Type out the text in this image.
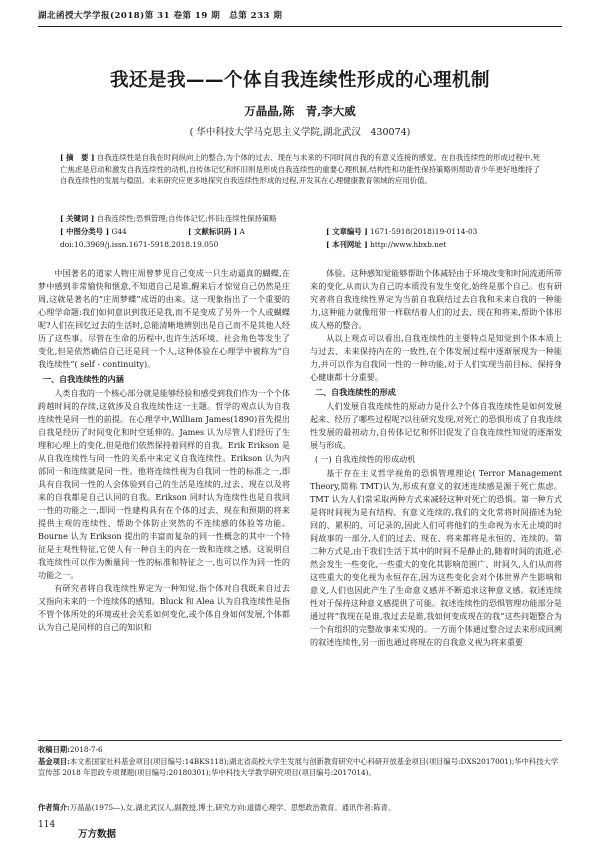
湖北函授大学学报(2018)第 31 卷第 19 期　总第 233 期
我还是我——个体自我连续性形成的心理机制
万晶晶,陈　青,李大威
( 华中科技大学马克思主义学院,湖北武汉　430074)
[ 摘　要 ] 自我连续性是自我在时间纵向上的整合,为个体的过去、现在与未来的不同时间自我的有意义连接的感觉。在自我连续性的形成过程中,死亡焦虑是启动和激发自我连续性的动机,自传体记忆和怀旧则是形成自我连续性的重要心理机制,结构性和功能性保持策略则帮助青少年更好地维持了自我连续性的发展与稳固。未来研究应更多地探究自我连续性形成的过程,开发其在心理健康教育领域的应用价值。
[ 关键词 ] 自我连续性;恐惧管理;自传体记忆;怀旧;连续性保持策略
[ 中图分类号 ] G44	[ 文献标识码 ] A	[ 文章编号 ] 1671-5918(2018)19-0114-03
doi:10.3969/j.issn.1671-5918.2018.19.050	[ 本刊网址 ] http://www.hbxb.net

中国著名的道家人物庄周曾梦见自己变成一只生动逼真的蝴蝶,在梦中感到非常愉快和惬意,不知道自己是谁,醒来后才惊觉自己仍然是庄周,这就是著名的“庄周梦蝶”成语的由来。这一现象指出了一个重要的心理学命题:我们如何意识到我还是我,而不是变成了另外一个人或蝴蝶呢?人们在回忆过去的生活时,总能清晰地辨别出是自己而不是其他人经历了这些事。尽管在生命的历程中,也许生活环境、社会角色等发生了变化,但是依然确信自己还是同一个人,这种体验在心理学中被称为“自我连续性”( self - continuity)。

一、自我连续性的内涵

人类自我的一个核心部分就是能够经验和感受到我们作为一个个体跨越时间的存续,这就涉及自我连续性这一主题。哲学的观点认为自我连续性是同一性的前提。在心理学中,William James(1890)首先提出自我是经历了时间变化和时空延伸的。James 认为尽管人们经历了生理和心理上的变化,但是他们依然保持着同样的自我。Erik Erikson 是从自我连续性与同一性的关系中来定义自我连续性。Erikson 认为内部同一和连续就是同一性。他将连续性视为自我同一性的标准之一,即具有自我同一性的人会体验到自己的生活是连续的,过去、现在以及将来的自我都是自己认同的自我。Erikson 同时认为连续性也是自我同一性的功能之一,即同一性建构具有在个体的过去、现在和预期的将来提供主观的连续性、帮助个体防止突然的不连续感的体验等功能。Bourne 认为 Erikson 提出的丰富而复杂的同一性概念的其中一个特征是主观性特征,它使人有一种自主的内在一致和连续之感。这说明自我连续性可以作为衡量同一性的标准和特征之一,也可以作为同一性的功能之一。

有研究者将自我连续性界定为一种知觉,指个体对自我既来自过去又指向未来的一个连续体的感知。Bluck 和 Alea 认为自我连续性是指不管个体所处的环境或社会关系如何变化,或个体自身如何发展,个体都认为自己是同样的自己的知识和

体验。这种感知觉能够帮助个体减轻由于环境改变和时间流逝所带来的变化,从而认为自己的本质没有发生变化,始终是那个自己。也有研究者将自我连续性界定为当前自我联结过去自我和未来自我的一种能力,这种能力就像纽带一样联结着人们的过去、现在和将来,帮助个体形成人格的整合。

从以上观点可以看出,自我连续性的主要特点是知觉到个体本质上与过去、未来保持内在的一致性,在个体发展过程中逐渐展现为一种能力,并可以作为自我同一性的一种功能,对于人们实现当前目标、保持身心健康都十分重要。

二、自我连续性的形成

人们发展自我连续性的原动力是什么?个体自我连续性是如何发展起来、经历了哪些过程呢?以往研究发现,对死亡的恐惧形成了自我连续性发展的最初动力,自传体记忆和怀旧促发了自我连续性知觉的逐渐发展与形成。

( 一) 自我连续性的形成动机

基于存在主义哲学视角的恐惧管理理论( Terror Management Theory,简称 TMT)认为,形成有意义的叙述连续感是源于死亡焦虑。TMT 认为人们常采取两种方式来减轻这种对死亡的恐惧。第一种方式是将时间视为是有结构、有意义连续的,我们的文化常将时间描述为轮回的、累积的、可记录的,因此人们可将他们的生命视为永无止境的时间故事的一部分,人们的过去、现在、将来都将是永恒的、连续的。第二种方式是,由于我们生活于其中的时间不是静止的,随着时间的流逝,必然会发生一些变化,一些重大的变化其影响范围广、时间久,人们从而将这些重大的变化视为永恒存在,因为这些变化会对个体世界产生影响和意义,人们也因此产生了生命意义感并不断追求这种意义感。叙述连续性对于保持这种意义感提供了可能。叙述连续性的恐惧管理功能部分是通过将“我现在是谁,我过去是谁,我如何变成现在的我”这些问题整合为一个有组织的完整故事来实现的。一方面个体通过整合过去来形成回溯的叙述连续性,另一面也通过将现在的自我意义视为将来重要

收稿日期:2018-7-6
基金项目:本文系国家社科基金项目(项目编号:14BKS118);湖北省高校大学生发展与创新教育研究中心科研开放基金项目(项目编号:DXS2017001);华中科技大学宣传部 2018 年思政专项课题(项目编号:20180301);华中科技大学教学研究项目(项目编号:2017014)。
作者简介:万晶晶(1975—),女,湖北武汉人,副教授,博士,研究方向:道德心理学、思想政治教育。通讯作者:陈青。
114
万方数据
